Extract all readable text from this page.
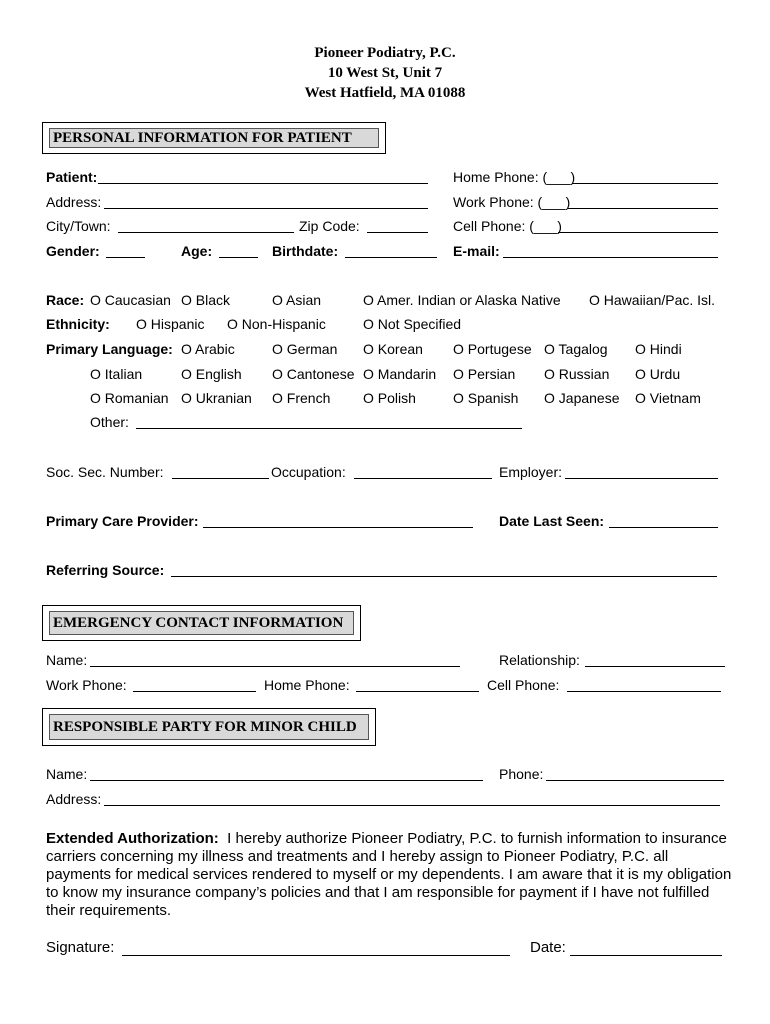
Pioneer Podiatry, P.C.
10 West St, Unit 7
West Hatfield, MA 01088
PERSONAL INFORMATION FOR PATIENT
Patient:	Home Phone: (___)
Address:	Work Phone: (___)
City/Town:	Zip Code:	Cell Phone: (___)
Gender:	Age:	Birthdate:	E-mail:
Race: O Caucasian O Black	O Asian	O Amer. Indian or Alaska Native O Hawaiian/Pac. Isl.
Ethnicity: O Hispanic O Non-Hispanic	O Not Specified
Primary Language: O Arabic	O German O Korean O Portugese O Tagalog O Hindi
O Italian	O English O Cantonese O Mandarin O Persian O Russian O Urdu
O Romanian O Ukranian O French O Polish	O Spanish O Japanese O Vietnam
Other:
Soc. Sec. Number:	Occupation:	Employer:
Primary Care Provider:	Date Last Seen:
Referring Source:
EMERGENCY CONTACT INFORMATION
Name:	Relationship:
Work Phone:	Home Phone:	Cell Phone:
RESPONSIBLE PARTY FOR MINOR CHILD
Name:	Phone:
Address:
Extended Authorization: I hereby authorize Pioneer Podiatry, P.C. to furnish information to insurance carriers concerning my illness and treatments and I hereby assign to Pioneer Podiatry, P.C. all payments for medical services rendered to myself or my dependents. I am aware that it is my obligation to know my insurance company’s policies and that I am responsible for payment if I have not fulfilled their requirements.
Signature:	Date:
